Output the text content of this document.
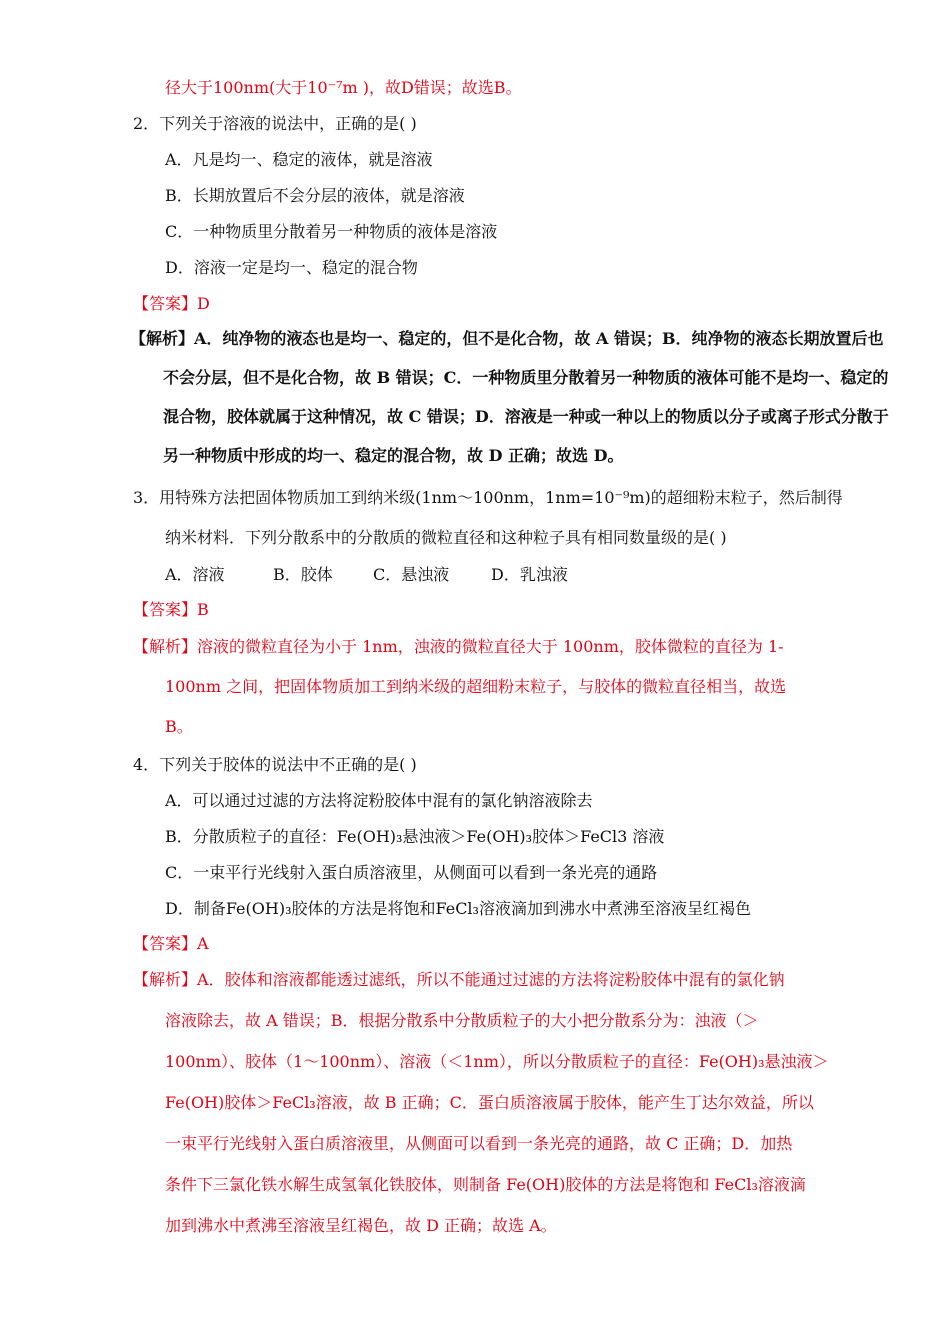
径大于100nm(大于10⁻⁷m )，故D错误；故选B。
2．下列关于溶液的说法中，正确的是( )
A．凡是均一、稳定的液体，就是溶液
B．长期放置后不会分层的液体，就是溶液
C．一种物质里分散着另一种物质的液体是溶液
D．溶液一定是均一、稳定的混合物
【答案】D
【解析】A．纯净物的液态也是均一、稳定的，但不是化合物，故 A 错误；B．纯净物的液态长期放置后也
不会分层，但不是化合物，故 B 错误；C．一种物质里分散着另一种物质的液体可能不是均一、稳定的
混合物，胶体就属于这种情况，故 C 错误；D．溶液是一种或一种以上的物质以分子或离子形式分散于
另一种物质中形成的均一、稳定的混合物，故 D 正确；故选 D。
3．用特殊方法把固体物质加工到纳米级(1nm～100nm，1nm=10⁻⁹m)的超细粉末粒子，然后制得
纳米材料．下列分散系中的分散质的微粒直径和这种粒子具有相同数量级的是( )
A．溶液	B．胶体	C．悬浊液	D．乳浊液
【答案】B
【解析】溶液的微粒直径为小于 1nm，浊液的微粒直径大于 100nm，胶体微粒的直径为 1-
100nm 之间，把固体物质加工到纳米级的超细粉末粒子，与胶体的微粒直径相当，故选
B。
4．下列关于胶体的说法中不正确的是( )
A．可以通过过滤的方法将淀粉胶体中混有的氯化钠溶液除去
B．分散质粒子的直径：Fe(OH)₃悬浊液＞Fe(OH)₃胶体＞FeCl3 溶液
C．一束平行光线射入蛋白质溶液里，从侧面可以看到一条光亮的通路
D．制备Fe(OH)₃胶体的方法是将饱和FeCl₃溶液滴加到沸水中煮沸至溶液呈红褐色
【答案】A
【解析】A．胶体和溶液都能透过滤纸，所以不能通过过滤的方法将淀粉胶体中混有的氯化钠
溶液除去，故 A 错误；B．根据分散系中分散质粒子的大小把分散系分为：浊液（＞
100nm）、胶体（1～100nm）、溶液（＜1nm），所以分散质粒子的直径：Fe(OH)₃悬浊液＞
Fe(OH)胶体＞FeCl₃溶液，故 B 正确；C．蛋白质溶液属于胶体，能产生丁达尔效益，所以
一束平行光线射入蛋白质溶液里，从侧面可以看到一条光亮的通路，故 C 正确；D．加热
条件下三氯化铁水解生成氢氧化铁胶体，则制备 Fe(OH)胶体的方法是将饱和 FeCl₃溶液滴
加到沸水中煮沸至溶液呈红褐色，故 D 正确；故选 A。
